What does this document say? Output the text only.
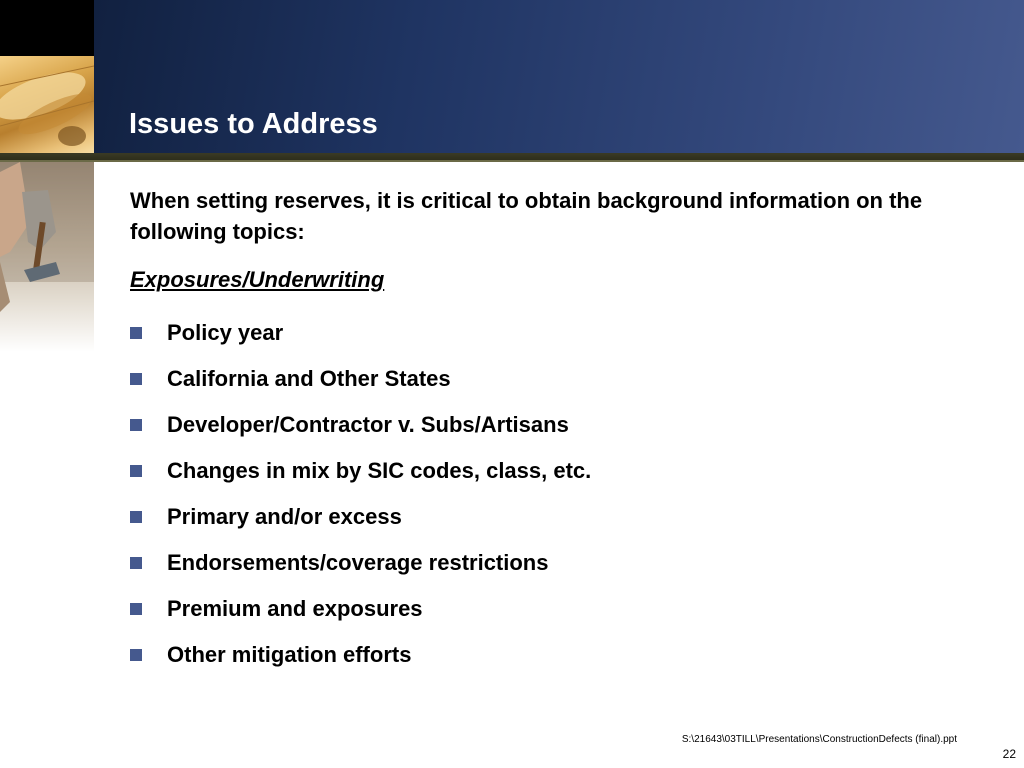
Issues to Address

When setting reserves, it is critical to obtain background information on the following topics:

Exposures/Underwriting

Policy year
California and Other States
Developer/Contractor v. Subs/Artisans
Changes in mix by SIC codes, class, etc.
Primary and/or excess
Endorsements/coverage restrictions
Premium and exposures
Other mitigation efforts
S:\21643\03TILL\Presentations\ConstructionDefects (final).ppt
22
